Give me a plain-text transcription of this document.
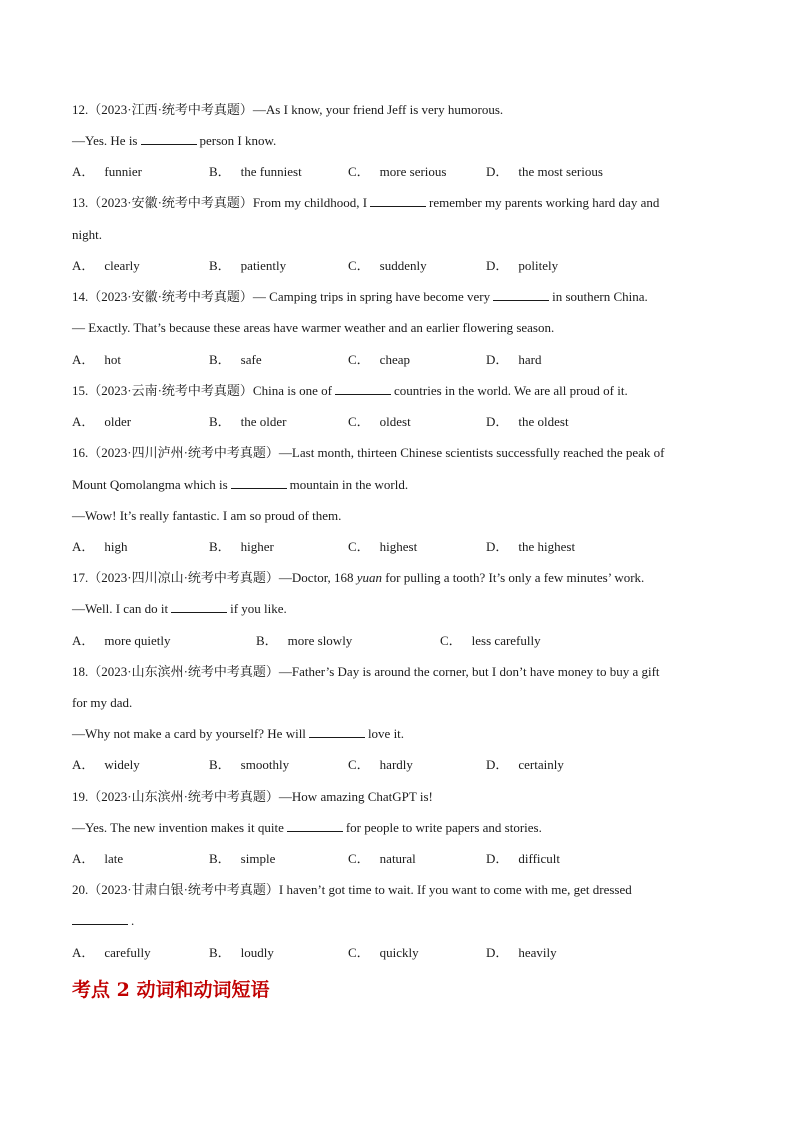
12.（2023·江西·统考中考真题）—As I know, your friend Jeff is very humorous.
—Yes. He is	person I know.
A． funnier	B． the funniest	C． more serious	D． the most serious
13.（2023·安徽·统考中考真题）From my childhood, I	remember my parents working hard day and
night.
A． clearly	B． patiently	C． suddenly	D． politely
14.（2023·安徽·统考中考真题）— Camping trips in spring have become very	in southern China.
— Exactly. That’s because these areas have warmer weather and an earlier flowering season.
A． hot	B． safe	C． cheap	D． hard
15.（2023·云南·统考中考真题）China is one of	countries in the world. We are all proud of it.
A． older	B． the older	C． oldest	D． the oldest
16.（2023·四川泸州·统考中考真题）—Last month, thirteen Chinese scientists successfully reached the peak of
Mount Qomolangma which is	mountain in the world.
—Wow! It’s really fantastic. I am so proud of them.
A． high	B． higher	C． highest	D． the highest
17.（2023·四川凉山·统考中考真题）—Doctor, 168 yuan for pulling a tooth? It’s only a few minutes’ work.
—Well. I can do it	if you like.
A． more quietly	B． more slowly	C． less carefully
18.（2023·山东滨州·统考中考真题）—Father’s Day is around the corner, but I don’t have money to buy a gift
for my dad.
—Why not make a card by yourself? He will	love it.
A． widely	B． smoothly	C． hardly	D． certainly
19.（2023·山东滨州·统考中考真题）—How amazing ChatGPT is!
—Yes. The new invention makes it quite	for people to write papers and stories.
A． late	B． simple	C． natural	D． difficult
20.（2023·甘肃白银·统考中考真题）I haven’t got time to wait. If you want to come with me, get dressed
.
A． carefully	B． loudly	C． quickly	D． heavily
考点 2 动词和动词短语
